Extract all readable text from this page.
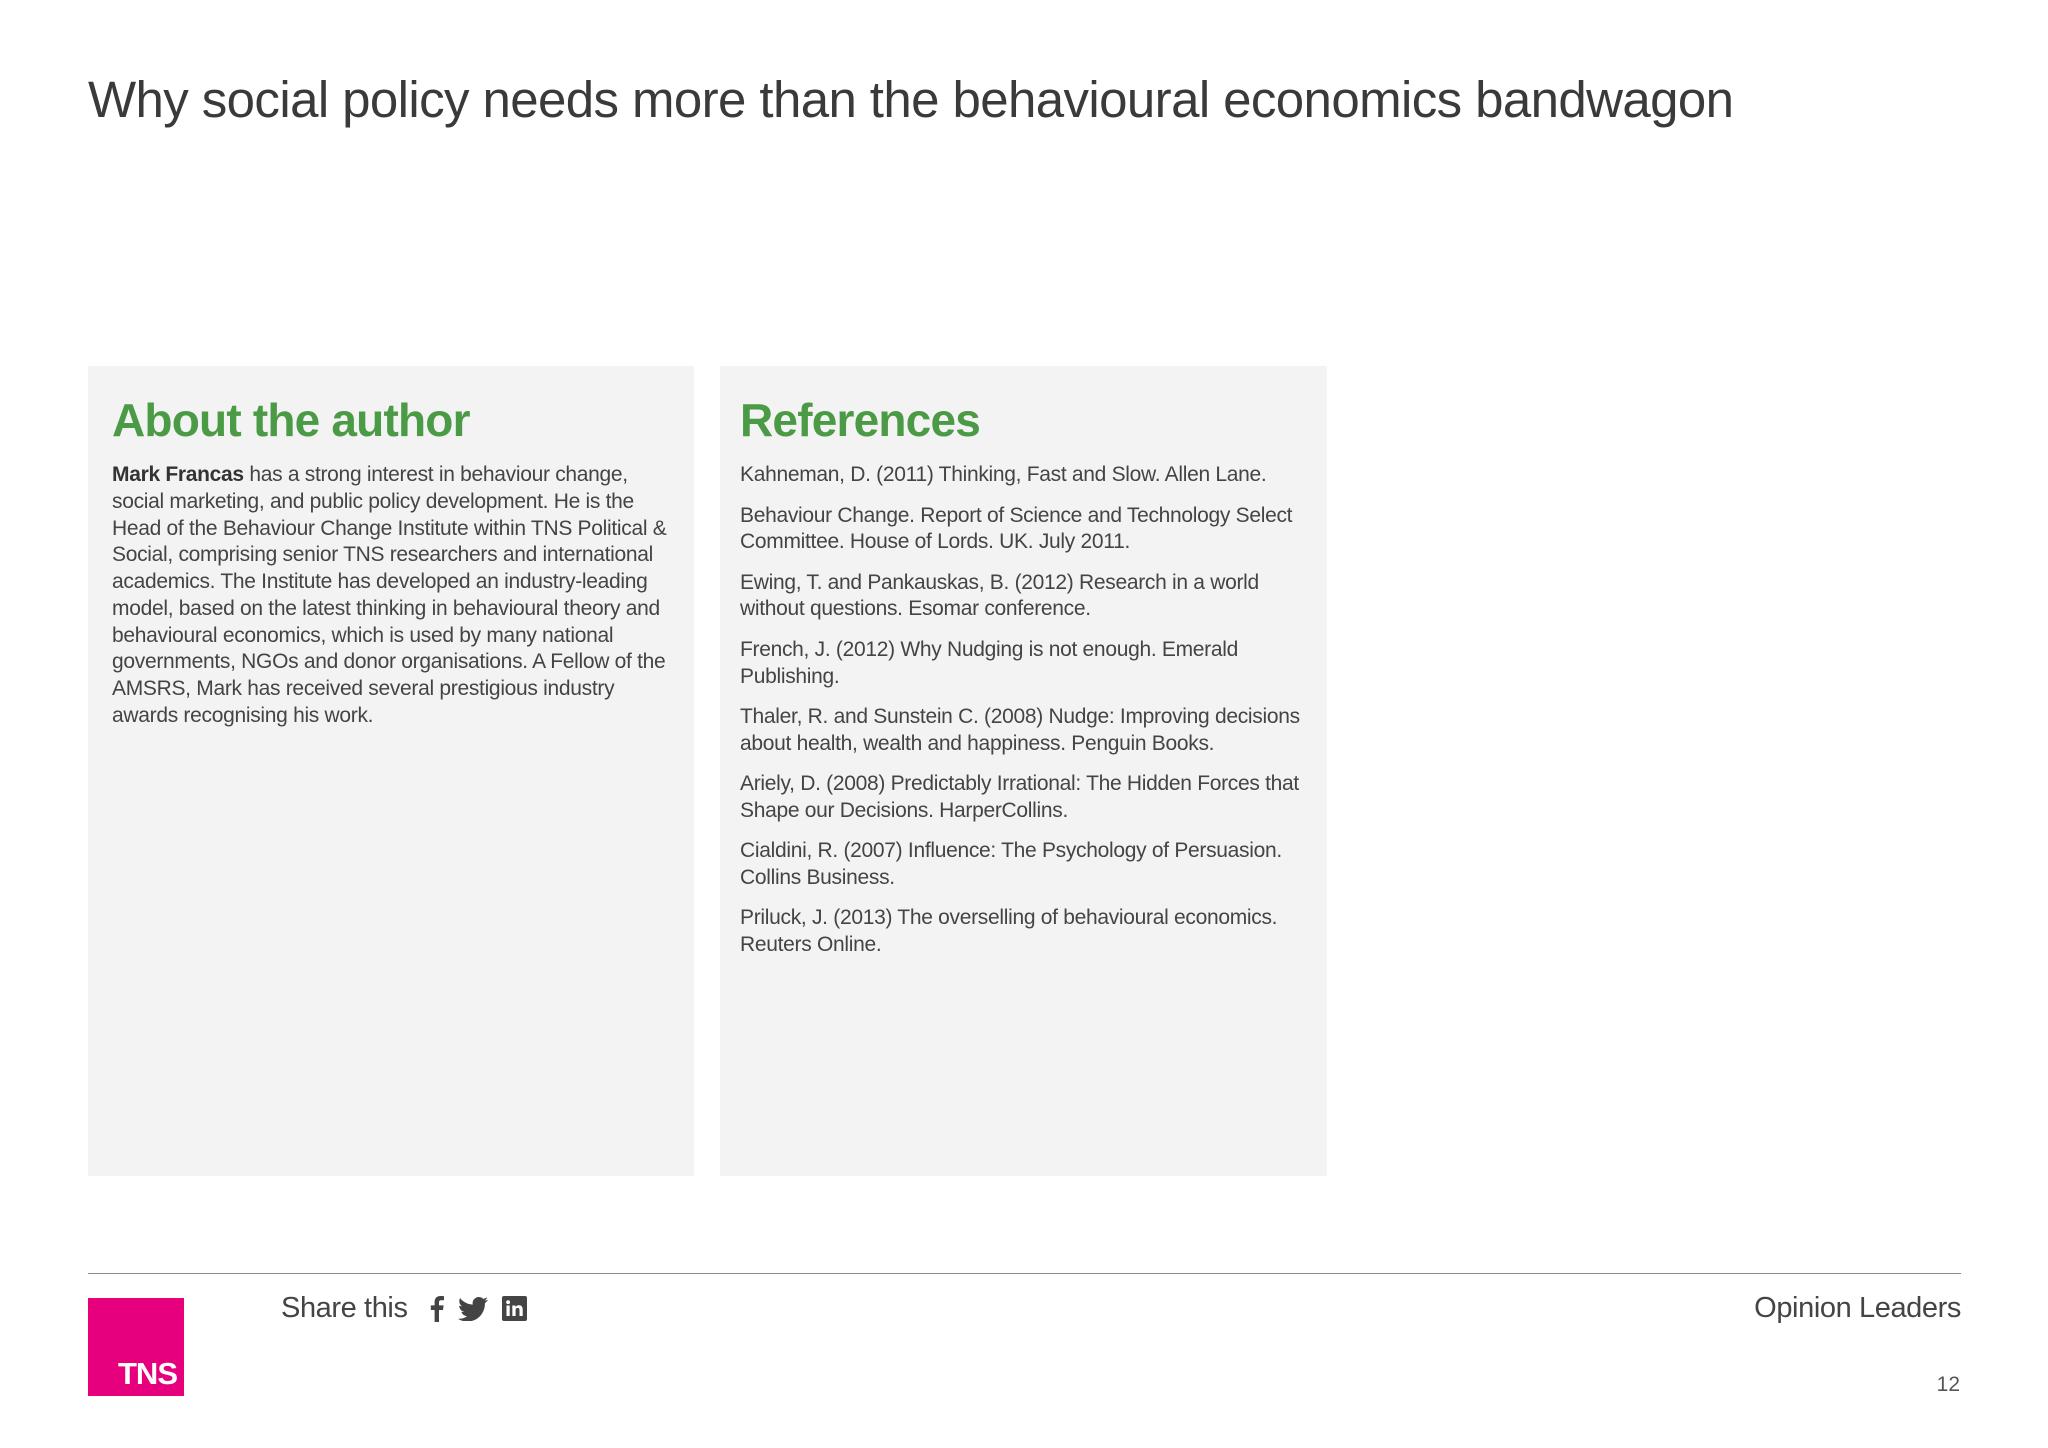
Why social policy needs more than the behavioural economics bandwagon
About the author

Mark Francas has a strong interest in behaviour change, social marketing, and public policy development. He is the Head of the Behaviour Change Institute within TNS Political & Social, comprising senior TNS researchers and international academics. The Institute has developed an industry-leading model, based on the latest thinking in behavioural theory and behavioural economics, which is used by many national governments, NGOs and donor organisations. A Fellow of the AMSRS, Mark has received several prestigious industry awards recognising his work.

References
Kahneman, D. (2011) Thinking, Fast and Slow. Allen Lane.
Behaviour Change. Report of Science and Technology Select Committee. House of Lords. UK. July 2011.
Ewing, T. and Pankauskas, B. (2012) Research in a world without questions. Esomar conference.
French, J. (2012) Why Nudging is not enough. Emerald Publishing.
Thaler, R. and Sunstein C. (2008) Nudge: Improving decisions about health, wealth and happiness. Penguin Books.
Ariely, D. (2008) Predictably Irrational: The Hidden Forces that Shape our Decisions. HarperCollins.
Cialdini, R. (2007) Influence: The Psychology of Persuasion. Collins Business.
Priluck, J. (2013) The overselling of behavioural economics. Reuters Online.
TNS
Share this	Opinion Leaders
12
